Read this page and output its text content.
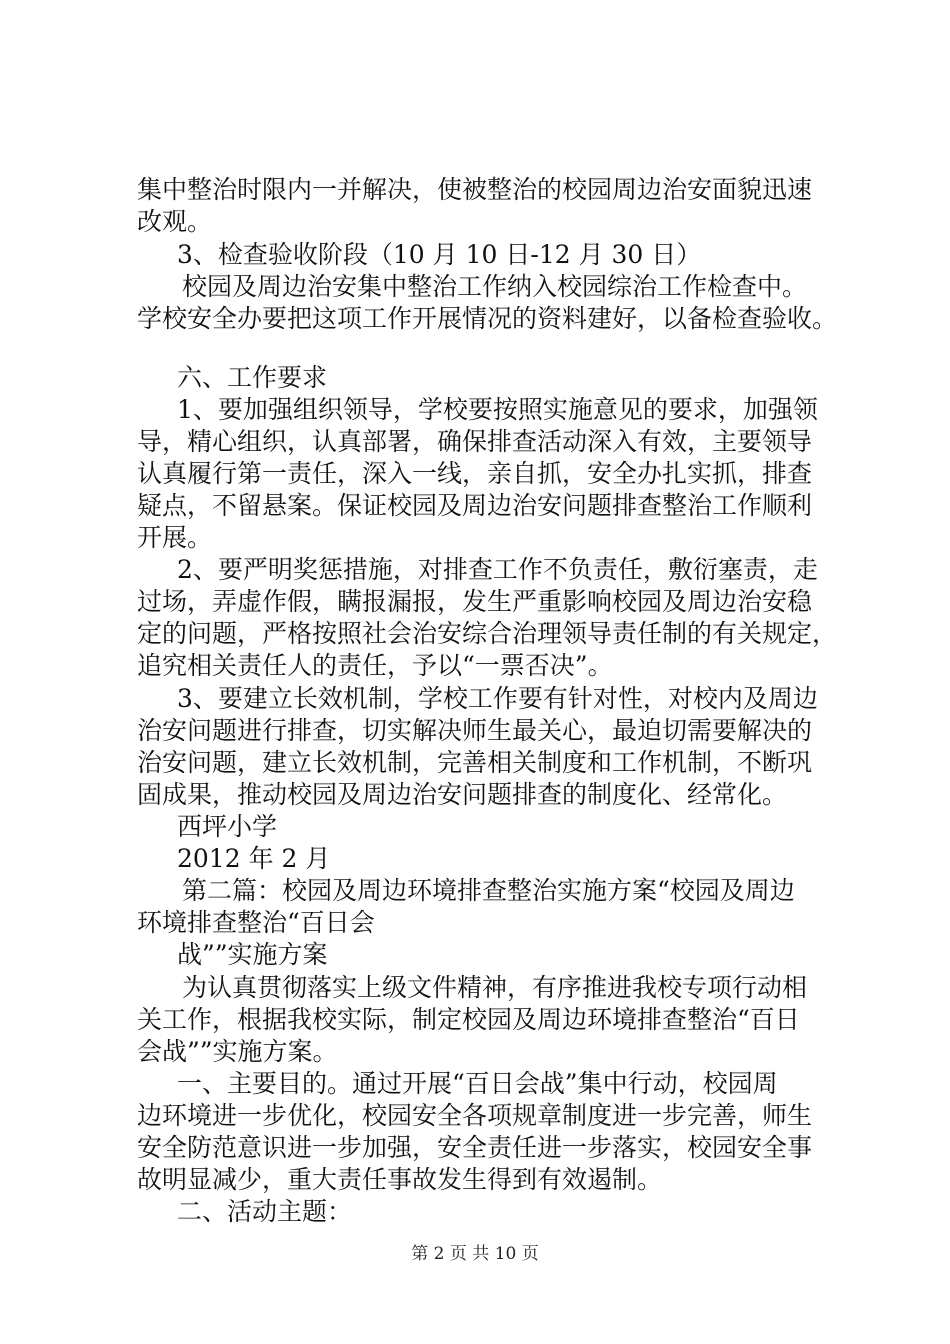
集中整治时限内一并解决，使被整治的校园周边治安面貌迅速
改观。
3、检查验收阶段（10 月 10 日-12 月 30 日）
校园及周边治安集中整治工作纳入校园综治工作检查中。
学校安全办要把这项工作开展情况的资料建好，以备检查验收。
六、工作要求
1、要加强组织领导，学校要按照实施意见的要求，加强领
导，精心组织，认真部署，确保排查活动深入有效，主要领导
认真履行第一责任，深入一线，亲自抓，安全办扎实抓，排查
疑点，不留悬案。保证校园及周边治安问题排查整治工作顺利
开展。
2、要严明奖惩措施，对排查工作不负责任，敷衍塞责，走
过场，弄虚作假，瞒报漏报，发生严重影响校园及周边治安稳
定的问题，严格按照社会治安综合治理领导责任制的有关规定，
追究相关责任人的责任，予以“一票否决”。
3、要建立长效机制，学校工作要有针对性，对校内及周边
治安问题进行排查，切实解决师生最关心，最迫切需要解决的
治安问题，建立长效机制，完善相关制度和工作机制，不断巩
固成果，推动校园及周边治安问题排查的制度化、经常化。
西坪小学
2012 年 2 月
第二篇：校园及周边环境排查整治实施方案“校园及周边
环境排查整治“百日会
战””实施方案
为认真贯彻落实上级文件精神，有序推进我校专项行动相
关工作，根据我校实际，制定校园及周边环境排查整治“百日
会战””实施方案。
一、主要目的。通过开展“百日会战”集中行动，校园周
边环境进一步优化，校园安全各项规章制度进一步完善，师生
安全防范意识进一步加强，安全责任进一步落实，校园安全事
故明显减少，重大责任事故发生得到有效遏制。
二、活动主题：
第 2 页 共 10 页
